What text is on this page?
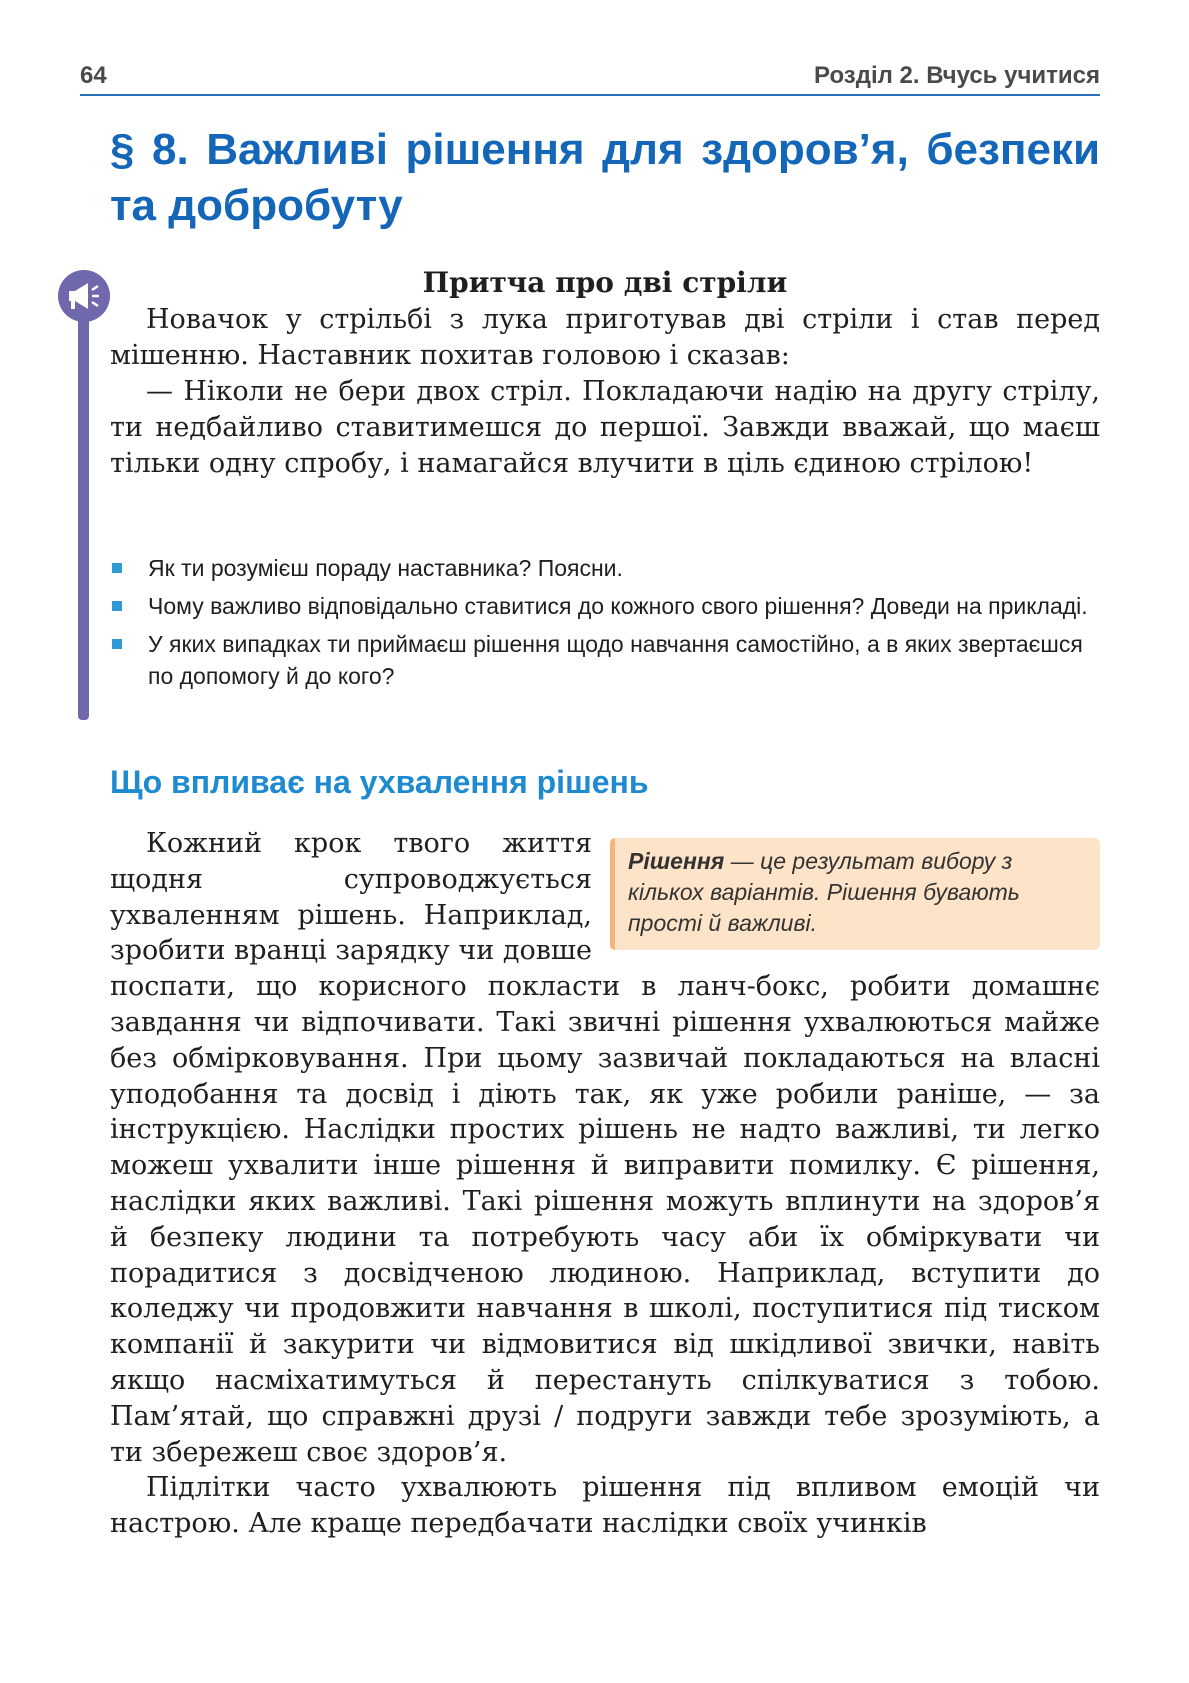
64	Розділ 2. Вчусь учитися
§ 8. Важливі рішення для здоров’я, безпеки та добробуту
Притча про дві стріли

Новачок у стрільбі з лука приготував дві стріли і став перед мішенню. Наставник похитав головою і сказав:

— Ніколи не бери двох стріл. Покладаючи надію на другу стрілу, ти недбайливо ставитимешся до першої. Завжди вважай, що маєш тільки одну спробу, і намагайся влучити в ціль єдиною стрілою!

Як ти розумієш пораду наставника? Поясни.
Чому важливо відповідально ставитися до кожного свого рішення? Доведи на прикладі.
У яких випадках ти приймаєш рішення щодо навчання самостійно, а в яких звертаєшся по допомогу й до кого?
Що впливає на ухвалення рішень

Рішення — це результат вибору з кількох варіантів. Рішення бувають прості й важливі.

Кожний крок твого життя щодня супроводжується ухваленням рішень. Наприклад, зробити вранці зарядку чи довше поспати, що корисного покласти в ланч-бокс, робити домашнє завдання чи відпочивати. Такі звичні рішення ухвалюються майже без обмірковування. При цьому зазвичай покладаються на власні уподобання та досвід і діють так, як уже робили раніше, — за інструкцією. Наслідки простих рішень не надто важливі, ти легко можеш ухвалити інше рішення й виправити помилку. Є рішення, наслідки яких важливі. Такі рішення можуть вплинути на здоров’я й безпеку людини та потребують часу аби їх обміркувати чи порадитися з досвідченою людиною. Наприклад, вступити до коледжу чи продовжити навчання в школі, поступитися під тиском компанії й закурити чи відмовитися від шкідливої звички, навіть якщо насміхатимуться й перестануть спілкуватися з тобою. Пам’ятай, що справжні друзі / подруги завжди тебе зрозуміють, а ти збережеш своє здоров’я.

Підлітки часто ухвалюють рішення під впливом емоцій чи настрою. Але краще передбачати наслідки своїх учинків
